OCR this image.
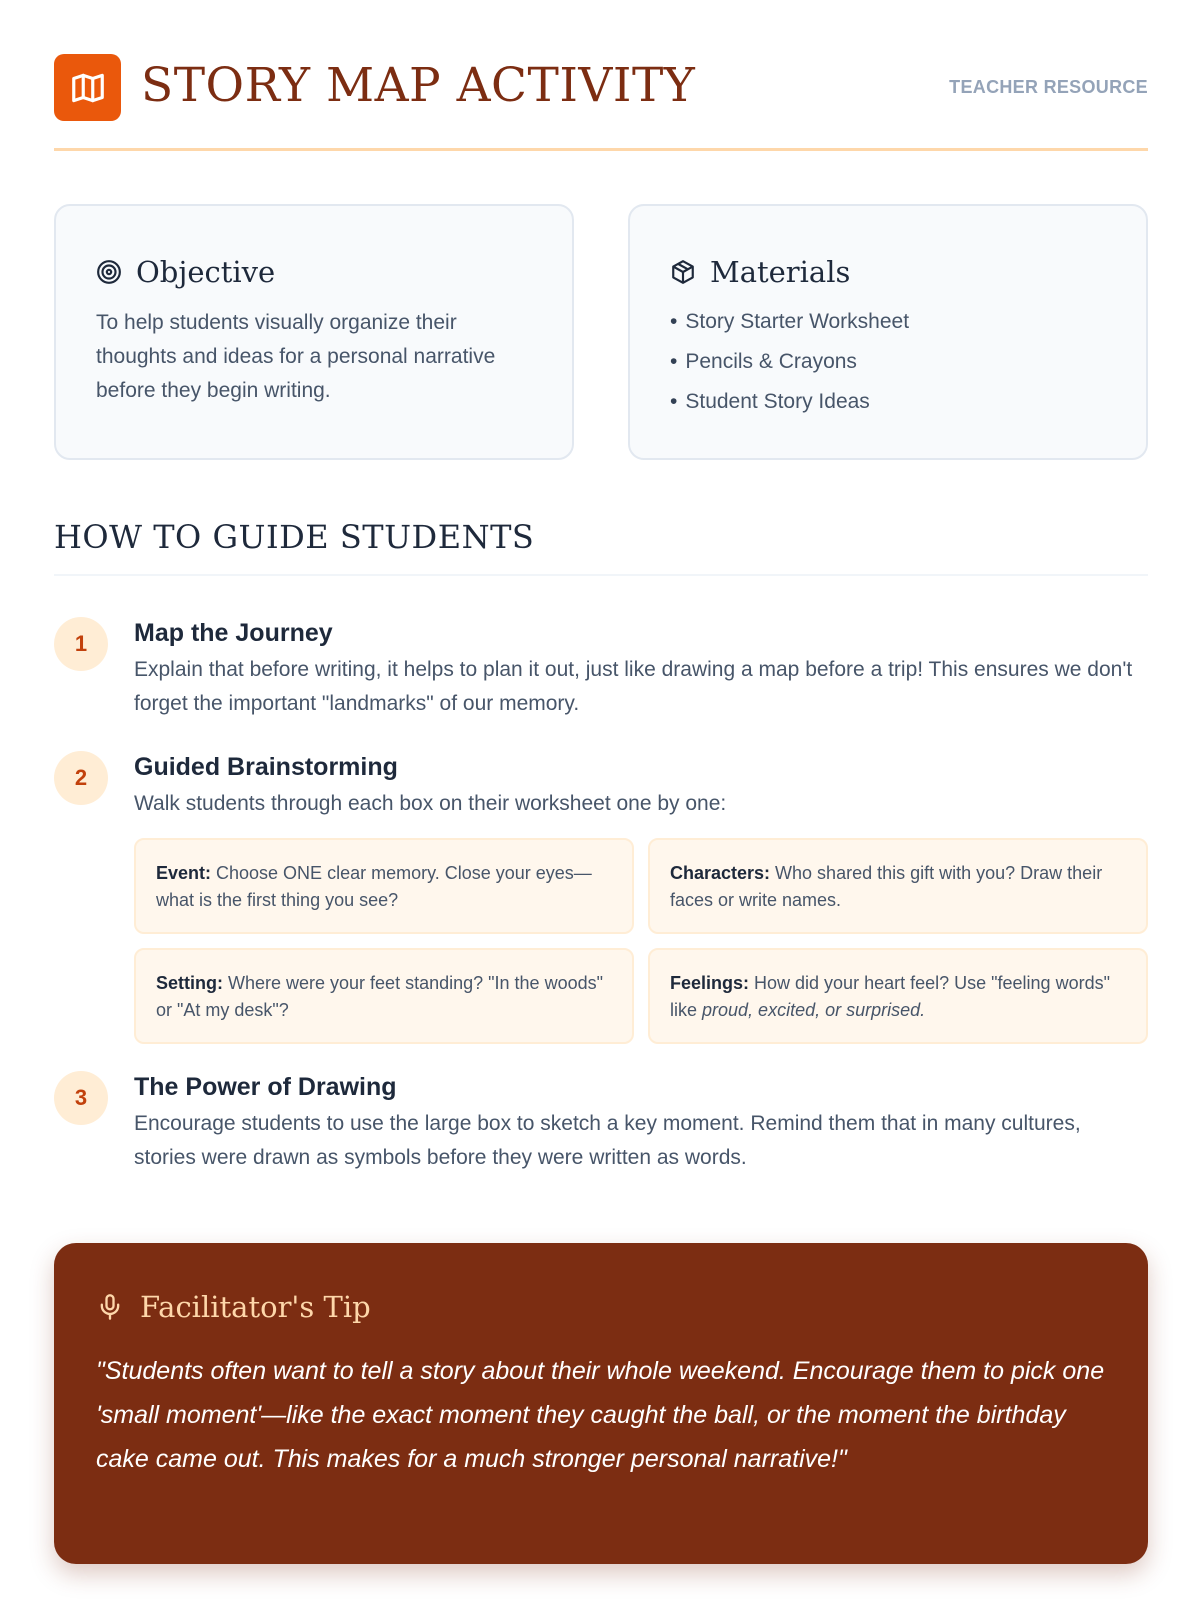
STORY MAP ACTIVITY	TEACHER RESOURCE
Objective

To help students visually organize their thoughts and ideas for a personal narrative before they begin writing.

Materials
• Story Starter Worksheet
• Pencils & Crayons
• Student Story Ideas
HOW TO GUIDE STUDENTS
1	Map the Journey
Explain that before writing, it helps to plan it out, just like drawing a map before a trip! This ensures we don't forget the important "landmarks" of our memory.
2	Guided Brainstorming
Walk students through each box on their worksheet one by one:
Event: Choose ONE clear memory. Close your eyes—what is the first thing you see?
Characters: Who shared this gift with you? Draw their faces or write names.
Setting: Where were your feet standing? "In the woods" or "At my desk"?
Feelings: How did your heart feel? Use "feeling words" like proud, excited, or surprised.
3	The Power of Drawing
Encourage students to use the large box to sketch a key moment. Remind them that in many cultures, stories were drawn as symbols before they were written as words.
Facilitator's Tip

"Students often want to tell a story about their whole weekend. Encourage them to pick one 'small moment'—like the exact moment they caught the ball, or the moment the birthday cake came out. This makes for a much stronger personal narrative!"
